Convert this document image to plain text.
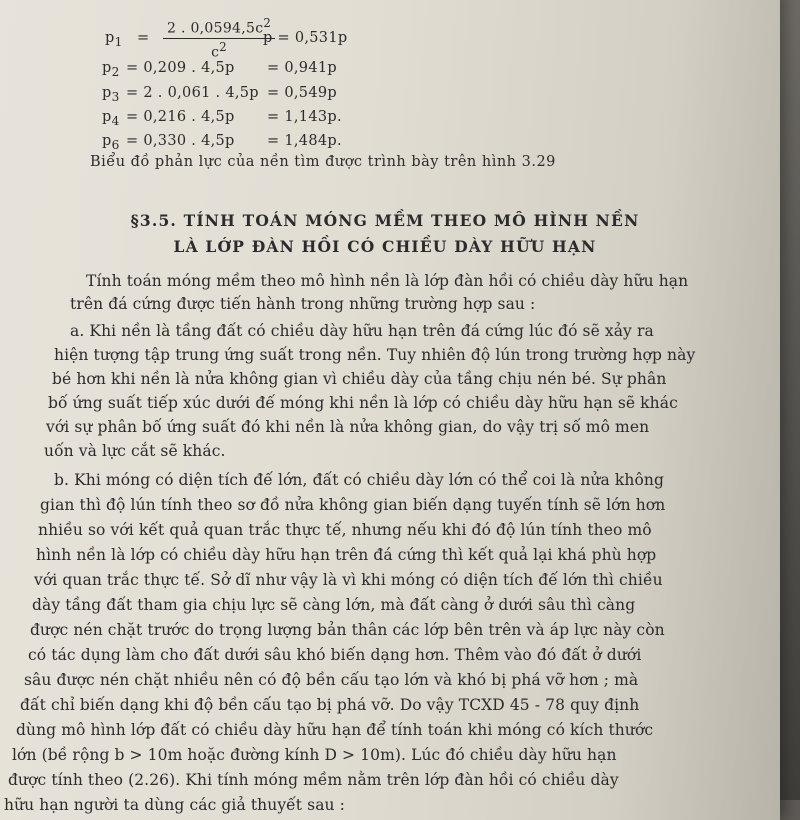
$p_1 = \frac{2 . 0,0594,5c^2}{c^2}$
p = 0,531p
$p_2 = 0,209$ . 4,5p = 0,941p
$p_3 = 2$ . 0,061 . 4,5p = 0,549p
$p_4 = 0,216$ . 4,5p = 1,143p.
$p_6 = 0,330$ . 4,5p = 1,484p.
Biểu đồ phản lực của nền tìm được trình bày trên hình 3.29
§3.5. TÍNH TOÁN MÓNG MỀM THEO MÔ HÌNH NỀN
LÀ LỚP ĐÀN HỒI CÓ CHIỀU DÀY HỮU HẠN
Tính toán móng mềm theo mô hình nền là lớp đàn hồi có chiều dày hữu hạn
trên đá cứng được tiến hành trong những trường hợp sau :
a. Khi nền là tầng đất có chiều dày hữu hạn trên đá cứng lúc đó sẽ xảy ra
hiện tượng tập trung ứng suất trong nền. Tuy nhiên độ lún trong trường hợp này
bé hơn khi nền là nửa không gian vì chiều dày của tầng chịu nén bé. Sự phân
bố ứng suất tiếp xúc dưới đế móng khi nền là lớp có chiều dày hữu hạn sẽ khác
với sự phân bố ứng suất đó khi nền là nửa không gian, do vậy trị số mô men
uốn và lực cắt sẽ khác.
b. Khi móng có diện tích đế lớn, đất có chiều dày lớn có thể coi là nửa không
gian thì độ lún tính theo sơ đồ nửa không gian biến dạng tuyến tính sẽ lớn hơn
nhiều so với kết quả quan trắc thực tế, nhưng nếu khi đó độ lún tính theo mô
hình nền là lớp có chiều dày hữu hạn trên đá cứng thì kết quả lại khá phù hợp
với quan trắc thực tế. Sở dĩ như vậy là vì khi móng có diện tích đế lớn thì chiều
dày tầng đất tham gia chịu lực sẽ càng lớn, mà đất càng ở dưới sâu thì càng
được nén chặt trước do trọng lượng bản thân các lớp bên trên và áp lực này còn
có tác dụng làm cho đất dưới sâu khó biến dạng hơn. Thêm vào đó đất ở dưới
sâu được nén chặt nhiều nên có độ bền cấu tạo lớn và khó bị phá vỡ hơn ; mà
đất chỉ biến dạng khi độ bền cấu tạo bị phá vỡ. Do vậy TCXD 45 - 78 quy định
dùng mô hình lớp đất có chiều dày hữu hạn để tính toán khi móng có kích thước
lớn (bề rộng b > 10m hoặc đường kính D > 10m). Lúc đó chiều dày hữu hạn
được tính theo (2.26). Khi tính móng mềm nằm trên lớp đàn hồi có chiều dày
hữu hạn người ta dùng các giả thuyết sau :
